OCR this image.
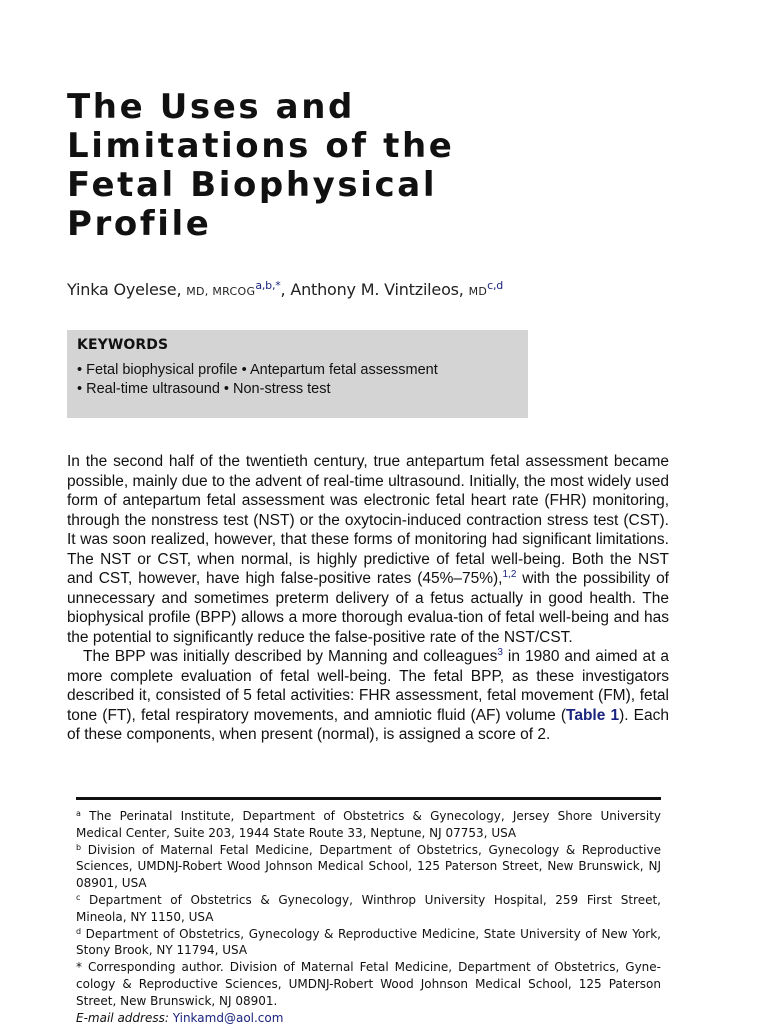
The Uses and
Limitations of the
Fetal Biophysical
Profile
Yinka Oyelese, MD, $MRCOG^{a,b,*}$, Anthony M. Vintzileos, MD$^{c,d}$
KEYWORDS
• Fetal biophysical profile • Antepartum fetal assessment
• Real-time ultrasound • Non-stress test

In the second half of the twentieth century, true antepartum fetal assessment became possible, mainly due to the advent of real-time ultrasound. Initially, the most widely used form of antepartum fetal assessment was electronic fetal heart rate (FHR) monitoring, through the nonstress test (NST) or the oxytocin-induced contraction stress test (CST). It was soon realized, however, that these forms of monitoring had significant limitations. The NST or CST, when normal, is highly predictive of fetal well-being. Both the NST and CST, however, have high false-positive rates (45%–75%),$^{1,2}$ with the possibility of unnecessary and sometimes preterm delivery of a fetus actually in good health. The biophysical profile (BPP) allows a more thorough evalua-tion of fetal well-being and has the potential to significantly reduce the false-positive rate of the NST/CST.

The BPP was initially described by Manning and colleagues$^3$ in 1980 and aimed at a more complete evaluation of fetal well-being. The fetal BPP, as these investigators described it, consisted of 5 fetal activities: FHR assessment, fetal movement (FM), fetal tone (FT), fetal respiratory movements, and amniotic fluid (AF) volume (Table 1). Each of these components, when present (normal), is assigned a score of 2.

$^a$ The Perinatal Institute, Department of Obstetrics & Gynecology, Jersey Shore University Medical Center, Suite 203, 1944 State Route 33, Neptune, NJ 07753, USA

$^b$ Division of Maternal Fetal Medicine, Department of Obstetrics, Gynecology & Reproductive Sciences, UMDNJ-Robert Wood Johnson Medical School, 125 Paterson Street, New Brunswick, NJ 08901, USA

$^c$ Department of Obstetrics & Gynecology, Winthrop University Hospital, 259 First Street, Mineola, NY 1150, USA

$^d$ Department of Obstetrics, Gynecology & Reproductive Medicine, State University of New York, Stony Brook, NY 11794, USA

* Corresponding author. Division of Maternal Fetal Medicine, Department of Obstetrics, Gyne-cology & Reproductive Sciences, UMDNJ-Robert Wood Johnson Medical School, 125 Paterson Street, New Brunswick, NJ 08901.

E-mail address: Yinkamd@aol.com
